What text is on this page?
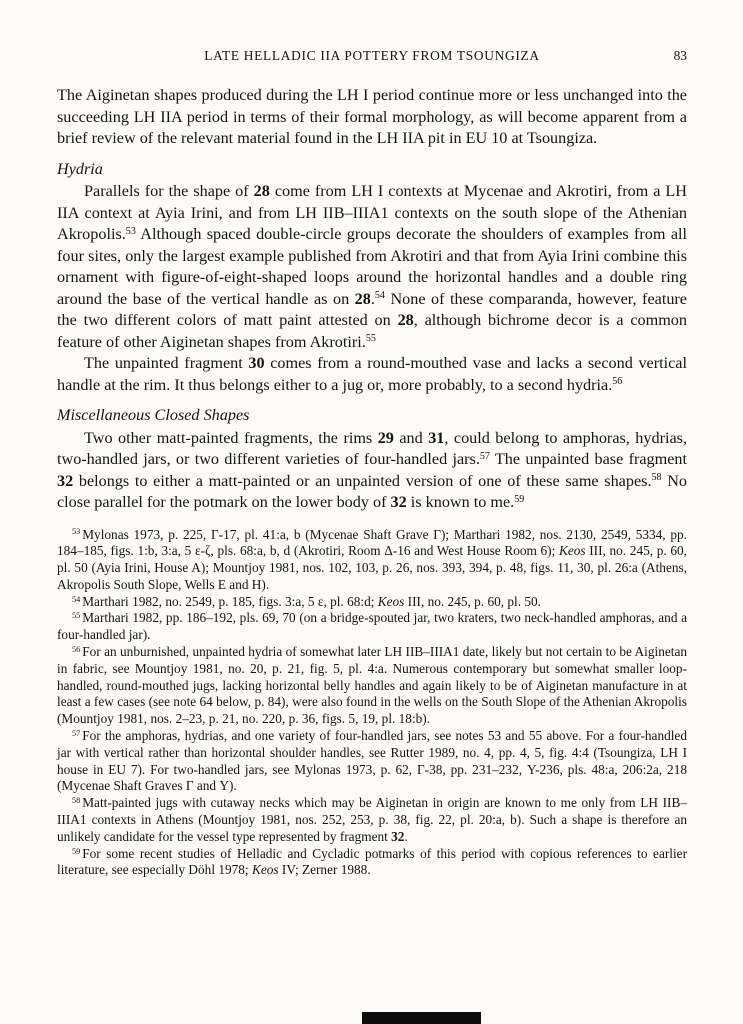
LATE HELLADIC IIA POTTERY FROM TSOUNGIZA	83

The Aiginetan shapes produced during the LH I period continue more or less unchanged into the succeeding LH IIA period in terms of their formal morphology, as will become apparent from a brief review of the relevant material found in the LH IIA pit in EU 10 at Tsoungiza.

Hydria

Parallels for the shape of 28 come from LH I contexts at Mycenae and Akrotiri, from a LH IIA context at Ayia Irini, and from LH IIB–IIIA1 contexts on the south slope of the Athenian Akropolis.$^{53}$ Although spaced double-circle groups decorate the shoulders of examples from all four sites, only the largest example published from Akrotiri and that from Ayia Irini combine this ornament with figure-of-eight-shaped loops around the horizontal handles and a double ring around the base of the vertical handle as on 28.54 None of these comparanda, however, feature the two different colors of matt paint attested on 28, although bichrome decor is a common feature of other Aiginetan shapes from Akrotiri.$^{55}$

The unpainted fragment 30 comes from a round-mouthed vase and lacks a second vertical handle at the rim. It thus belongs either to a jug or, more probably, to a second hydria.$^{56}$

Miscellaneous Closed Shapes

Two other matt-painted fragments, the rims 29 and 31, could belong to amphoras, hydrias, two-handled jars, or two different varieties of four-handled jars.$^{57}$ The unpainted base fragment 32 belongs to either a matt-painted or an unpainted version of one of these same shapes.$^{58}$ No close parallel for the potmark on the lower body of 32 is known to me.$^{59}$

$^{53}$ Mylonas 1973, p. 225, Γ-17, pl. 41:a, b (Mycenae Shaft Grave Γ); Marthari 1982, nos. 2130, 2549, 5334, pp. 184–185, figs. 1:b, 3:a, 5 ε-ζ, pls. 68:a, b, d (Akrotiri, Room Δ-16 and West House Room 6); Keos III, no. 245, p. 60, pl. 50 (Ayia Irini, House A); Mountjoy 1981, nos. 102, 103, p. 26, nos. 393, 394, p. 48, figs. 11, 30, pl. 26:a (Athens, Akropolis South Slope, Wells E and H).

$^{54}$ Marthari 1982, no. 2549, p. 185, figs. 3:a, 5 ε, pl. 68:d; Keos III, no. 245, p. 60, pl. 50.

$^{55}$ Marthari 1982, pp. 186–192, pls. 69, 70 (on a bridge-spouted jar, two kraters, two neck-handled amphoras, and a four-handled jar).

$^{56}$ For an unburnished, unpainted hydria of somewhat later LH IIB–IIIA1 date, likely but not certain to be Aiginetan in fabric, see Mountjoy 1981, no. 20, p. 21, fig. 5, pl. 4:a. Numerous contemporary but somewhat smaller loop-handled, round-mouthed jugs, lacking horizontal belly handles and again likely to be of Aiginetan manufacture in at least a few cases (see note 64 below, p. 84), were also found in the wells on the South Slope of the Athenian Akropolis (Mountjoy 1981, nos. 2–23, p. 21, no. 220, p. 36, figs. 5, 19, pl. 18:b).

$^{57}$ For the amphoras, hydrias, and one variety of four-handled jars, see notes 53 and 55 above. For a four-handled jar with vertical rather than horizontal shoulder handles, see Rutter 1989, no. 4, pp. 4, 5, fig. 4:4 (Tsoungiza, LH I house in EU 7). For two-handled jars, see Mylonas 1973, p. 62, Γ-38, pp. 231–232, Υ-236, pls. 48:a, 206:2a, 218 (Mycenae Shaft Graves Γ and Υ).

$^{58}$ Matt-painted jugs with cutaway necks which may be Aiginetan in origin are known to me only from LH IIB–IIIA1 contexts in Athens (Mountjoy 1981, nos. 252, 253, p. 38, fig. 22, pl. 20:a, b). Such a shape is therefore an unlikely candidate for the vessel type represented by fragment 32.

$^{59}$ For some recent studies of Helladic and Cycladic potmarks of this period with copious references to earlier literature, see especially Döhl 1978; Keos IV; Zerner 1988.
